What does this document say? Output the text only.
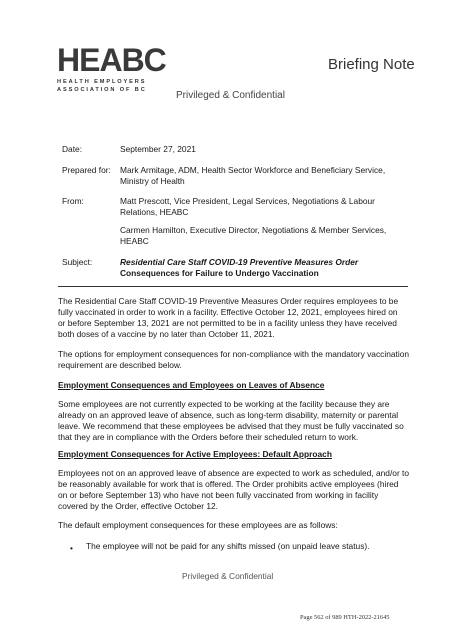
HEABC
HEALTH EMPLOYERS
ASSOCIATION OF BC
Briefing Note
Privileged & Confidential
Date:	September 27, 2021
Prepared for: Mark Armitage, ADM, Health Sector Workforce and Beneficiary Service,
Ministry of Health
From:	Matt Prescott, Vice President, Legal Services, Negotiations & Labour
Relations, HEABC
Carmen Hamilton, Executive Director, Negotiations & Member Services,
HEABC
Subject:	Residential Care Staff COVID-19 Preventive Measures Order
Consequences for Failure to Undergo Vaccination
The Residential Care Staff COVID-19 Preventive Measures Order requires employees to be
fully vaccinated in order to work in a facility. Effective October 12, 2021, employees hired on
or before September 13, 2021 are not permitted to be in a facility unless they have received
both doses of a vaccine by no later than October 11, 2021.
The options for employment consequences for non-compliance with the mandatory vaccination
requirement are described below.
Employment Consequences and Employees on Leaves of Absence
Some employees are not currently expected to be working at the facility because they are
already on an approved leave of absence, such as long-term disability, maternity or parental
leave. We recommend that these employees be advised that they must be fully vaccinated so
that they are in compliance with the Orders before their scheduled return to work.
Employment Consequences for Active Employees: Default Approach
Employees not on an approved leave of absence are expected to work as scheduled, and/or to
be reasonably available for work that is offered. The Order prohibits active employees (hired
on or before September 13) who have not been fully vaccinated from working in facility
covered by the Order, effective October 12.
The default employment consequences for these employees are as follows:
• The employee will not be paid for any shifts missed (on unpaid leave status).
Privileged & Confidential
Page 562 of 989 HTH-2022-21645
